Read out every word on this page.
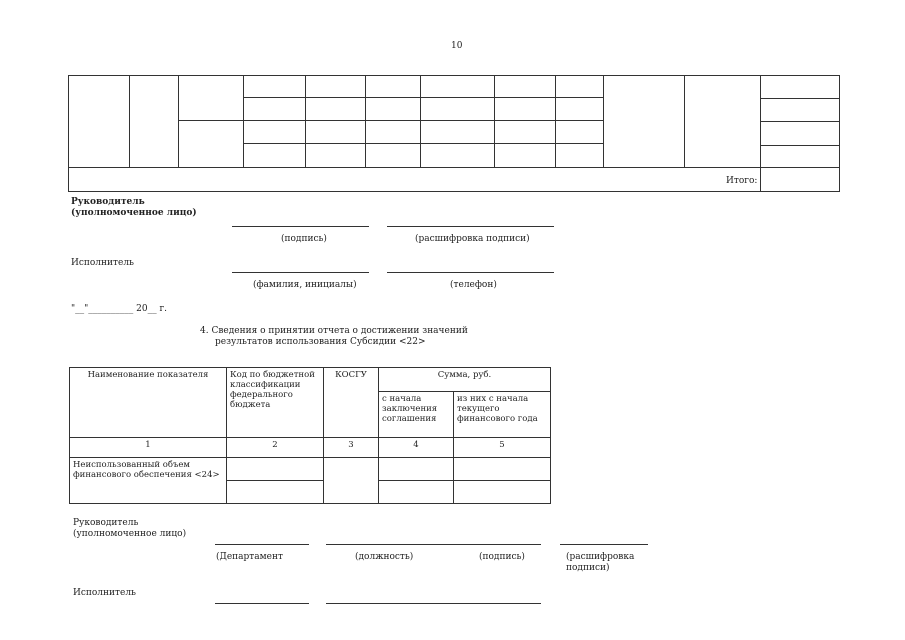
10
Итого:
Руководитель
(уполномоченное лицо)
(подпись)	(расшифровка подписи)
Исполнитель
(фамилия, инициалы)	(телефон)
"__"__________ 20__ г.
4. Сведения о принятии отчета о достижении значений
результатов использования Субсидии <22>
Наименование показателя	Код по бюджетной классификации федерального бюджета	КОСГУ	Сумма, руб.	
			с начала заключения соглашения	из них с начала текущего финансового года
1	2	3	4	5
Неиспользованный объем финансового обеспечения <24>				

Руководитель
(уполномоченное лицо)
(Департамент	(должность)	(подпись)	(расшифровка подписи)
Исполнитель
